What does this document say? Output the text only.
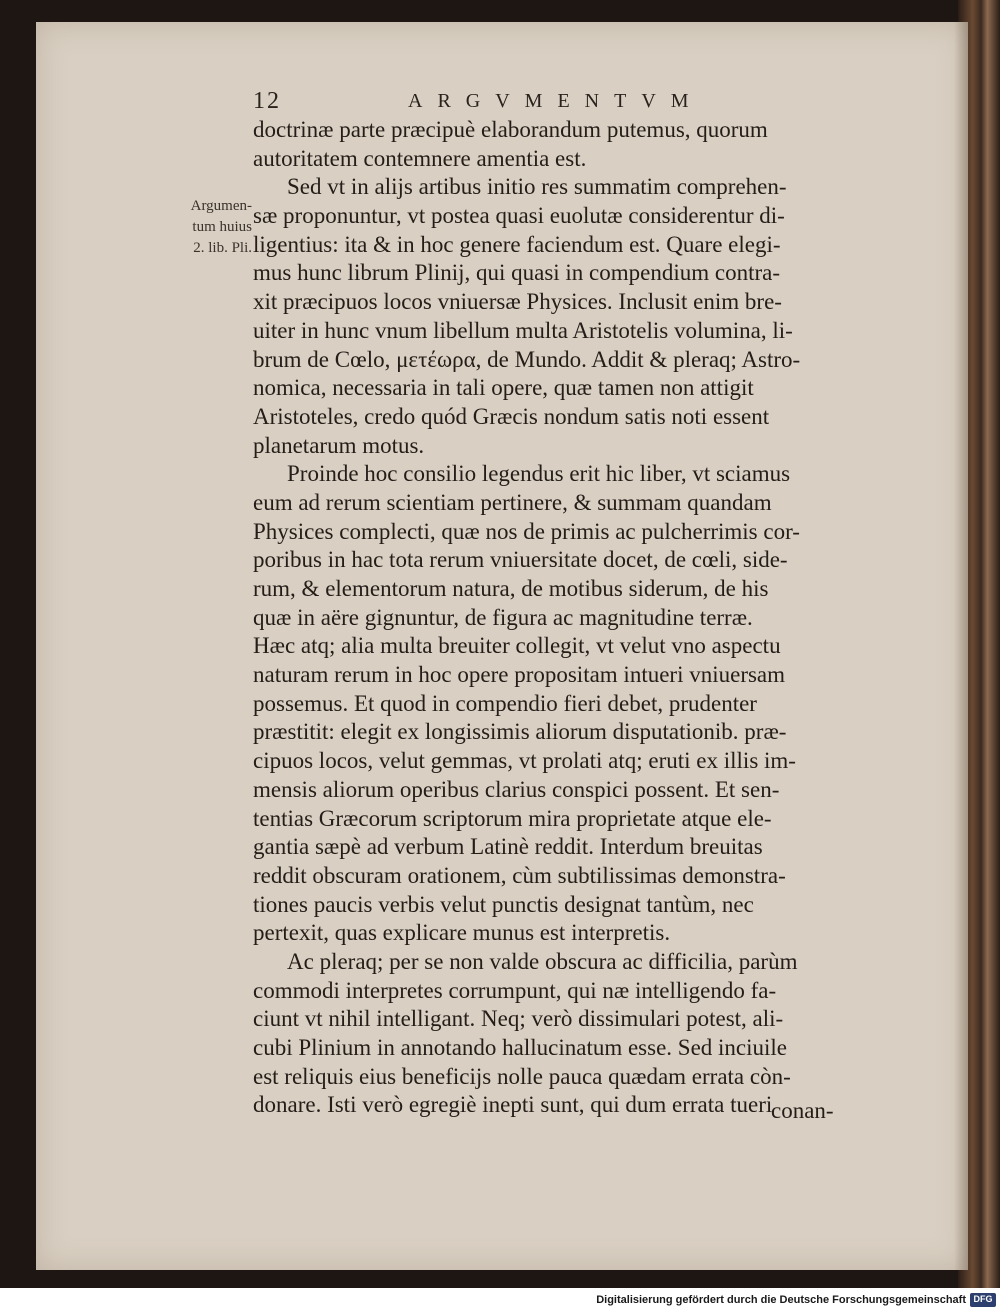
12	ARGVMENTVM
Argumen-
tum huius
2. lib. Pli.
doctrinæ parte præcipuè elaborandum putemus, quorum
autoritatem contemnere amentia est.
Sed vt in alijs artibus initio res summatim comprehen-
sæ proponuntur, vt postea quasi euolutæ considerentur di-
ligentius: ita & in hoc genere faciendum est. Quare elegi-
mus hunc librum Plinij, qui quasi in compendium contra-
xit præcipuos locos vniuersæ Physices. Inclusit enim bre-
uiter in hunc vnum libellum multa Aristotelis volumina, li-
brum de Cœlo, μετέωρα, de Mundo. Addit & pleraq; Astro-
nomica, necessaria in tali opere, quæ tamen non attigit
Aristoteles, credo quód Græcis nondum satis noti essent
planetarum motus.
Proinde hoc consilio legendus erit hic liber, vt sciamus
eum ad rerum scientiam pertinere, & summam quandam
Physices complecti, quæ nos de primis ac pulcherrimis cor-
poribus in hac tota rerum vniuersitate docet, de cœli, side-
rum, & elementorum natura, de motibus siderum, de his
quæ in aëre gignuntur, de figura ac magnitudine terræ.
Hæc atq; alia multa breuiter collegit, vt velut vno aspectu
naturam rerum in hoc opere propositam intueri vniuersam
possemus. Et quod in compendio fieri debet, prudenter
præstitit: elegit ex longissimis aliorum disputationib. præ-
cipuos locos, velut gemmas, vt prolati atq; eruti ex illis im-
mensis aliorum operibus clarius conspici possent. Et sen-
tentias Græcorum scriptorum mira proprietate atque ele-
gantia sæpè ad verbum Latinè reddit. Interdum breuitas
reddit obscuram orationem, cùm subtilissimas demonstra-
tiones paucis verbis velut punctis designat tantùm, nec
pertexit, quas explicare munus est interpretis.
Ac pleraq; per se non valde obscura ac difficilia, parùm
commodi interpretes corrumpunt, qui næ intelligendo fa-
ciunt vt nihil intelligant. Neq; verò dissimulari potest, ali-
cubi Plinium in annotando hallucinatum esse. Sed inciuile
est reliquis eius beneficijs nolle pauca quædam errata còn-
donare. Isti verò egregiè inepti sunt, qui dum errata tueri
conan-
Digitalisierung gefördert durch die Deutsche Forschungsgemeinschaft DFG
